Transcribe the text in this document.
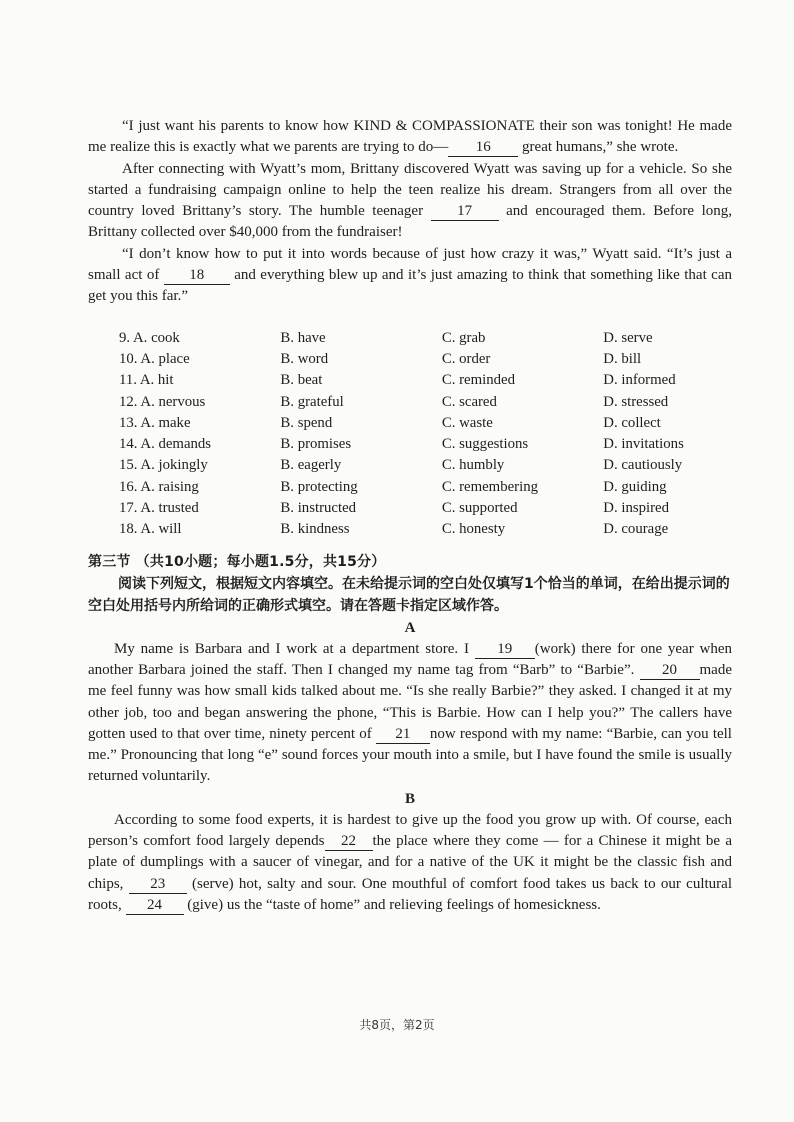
“I just want his parents to know how KIND & COMPASSIONATE their son was tonight! He made me realize this is exactly what we parents are trying to do— 16 great humans,” she wrote.

After connecting with Wyatt’s mom, Brittany discovered Wyatt was saving up for a vehicle. So she started a fundraising campaign online to help the teen realize his dream. Strangers from all over the country loved Brittany’s story. The humble teenager 17 and encouraged them. Before long, Brittany collected over $40,000 from the fundraiser!

“I don’t know how to put it into words because of just how crazy it was,” Wyatt said. “It’s just a small act of 18 and everything blew up and it’s just amazing to think that something like that can get you this far.”

9. A. cook	B. have	C. grab	D. serve
10. A. place	B. word	C. order	D. bill
11. A. hit	B. beat	C. reminded	D. informed
12. A. nervous	B. grateful	C. scared	D. stressed
13. A. make	B. spend	C. waste	D. collect
14. A. demands	B. promises	C. suggestions	D. invitations
15. A. jokingly	B. eagerly	C. humbly	D. cautiously
16. A. raising	B. protecting	C. remembering	D. guiding
17. A. trusted	B. instructed	C. supported	D. inspired
18. A. will	B. kindness	C. honesty	D. courage
第三节 （共10小题；每小题1.5分，共15分）

阅读下列短文，根据短文内容填空。在未给提示词的空白处仅填写1个恰当的单词，在给出提示词的空白处用括号内所给词的正确形式填空。请在答题卡指定区域作答。

A

My name is Barbara and I work at a department store. I 19 (work) there for one year when another Barbara joined the staff. Then I changed my name tag from “Barb” to “Barbie”. 20 made me feel funny was how small kids talked about me. “Is she really Barbie?” they asked. I changed it at my other job, too and began answering the phone, “This is Barbie. How can I help you?” The callers have gotten used to that over time, ninety percent of 21 now respond with my name: “Barbie, can you tell me.” Pronouncing that long “e” sound forces your mouth into a smile, but I have found the smile is usually returned voluntarily.

B

According to some food experts, it is hardest to give up the food you grow up with. Of course, each person’s comfort food largely depends 22 the place where they come — for a Chinese it might be a plate of dumplings with a saucer of vinegar, and for a native of the UK it might be the classic fish and chips, 23 (serve) hot, salty and sour. One mouthful of comfort food takes us back to our cultural roots, 24 (give) us the “taste of home” and relieving feelings of homesickness.

共8页，第2页
